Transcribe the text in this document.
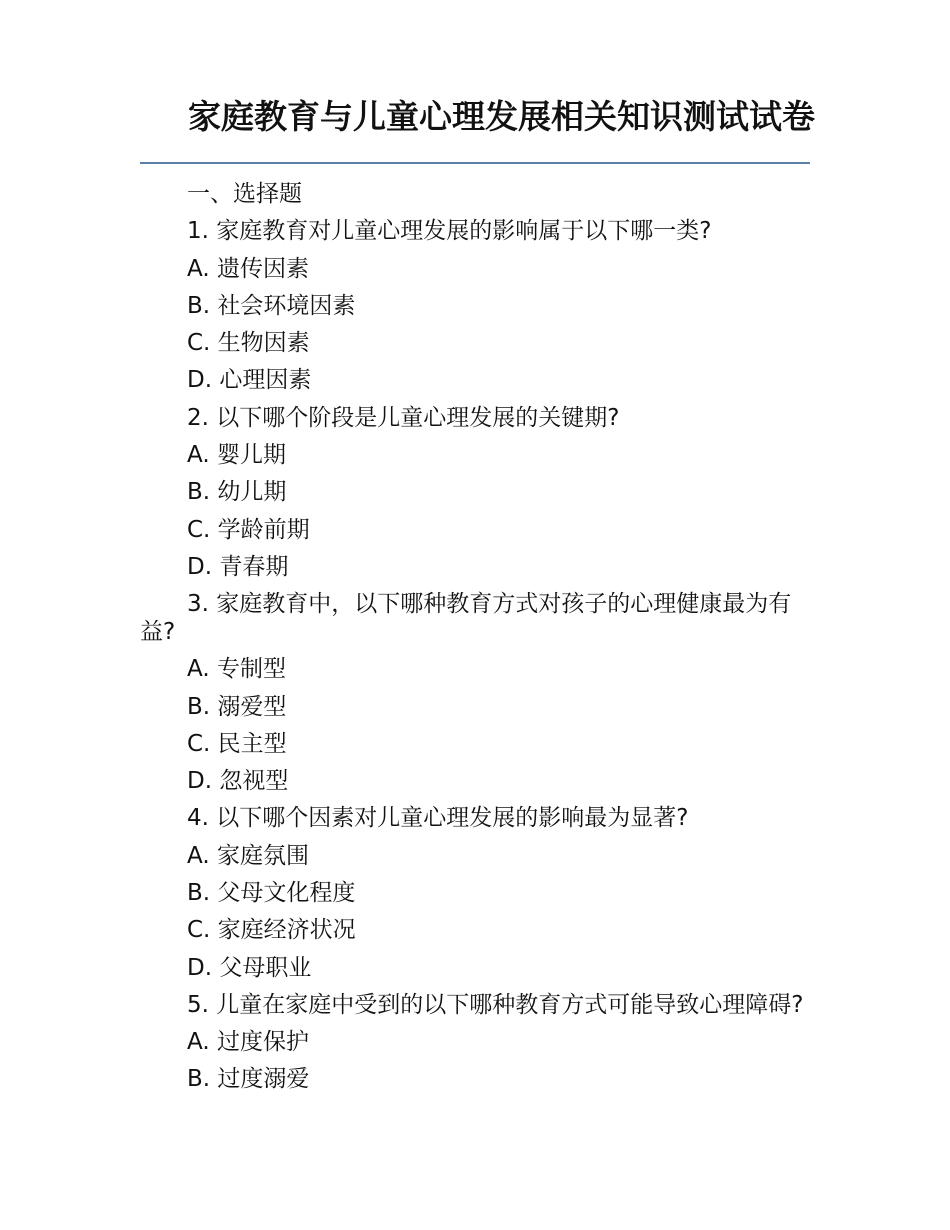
家庭教育与儿童心理发展相关知识测试试卷
一、选择题
1. 家庭教育对儿童心理发展的影响属于以下哪一类?
A. 遗传因素
B. 社会环境因素
C. 生物因素
D. 心理因素
2. 以下哪个阶段是儿童心理发展的关键期?
A. 婴儿期
B. 幼儿期
C. 学龄前期
D. 青春期
3. 家庭教育中，以下哪种教育方式对孩子的心理健康最为有益?
A. 专制型
B. 溺爱型
C. 民主型
D. 忽视型
4. 以下哪个因素对儿童心理发展的影响最为显著?
A. 家庭氛围
B. 父母文化程度
C. 家庭经济状况
D. 父母职业
5. 儿童在家庭中受到的以下哪种教育方式可能导致心理障碍?
A. 过度保护
B. 过度溺爱
